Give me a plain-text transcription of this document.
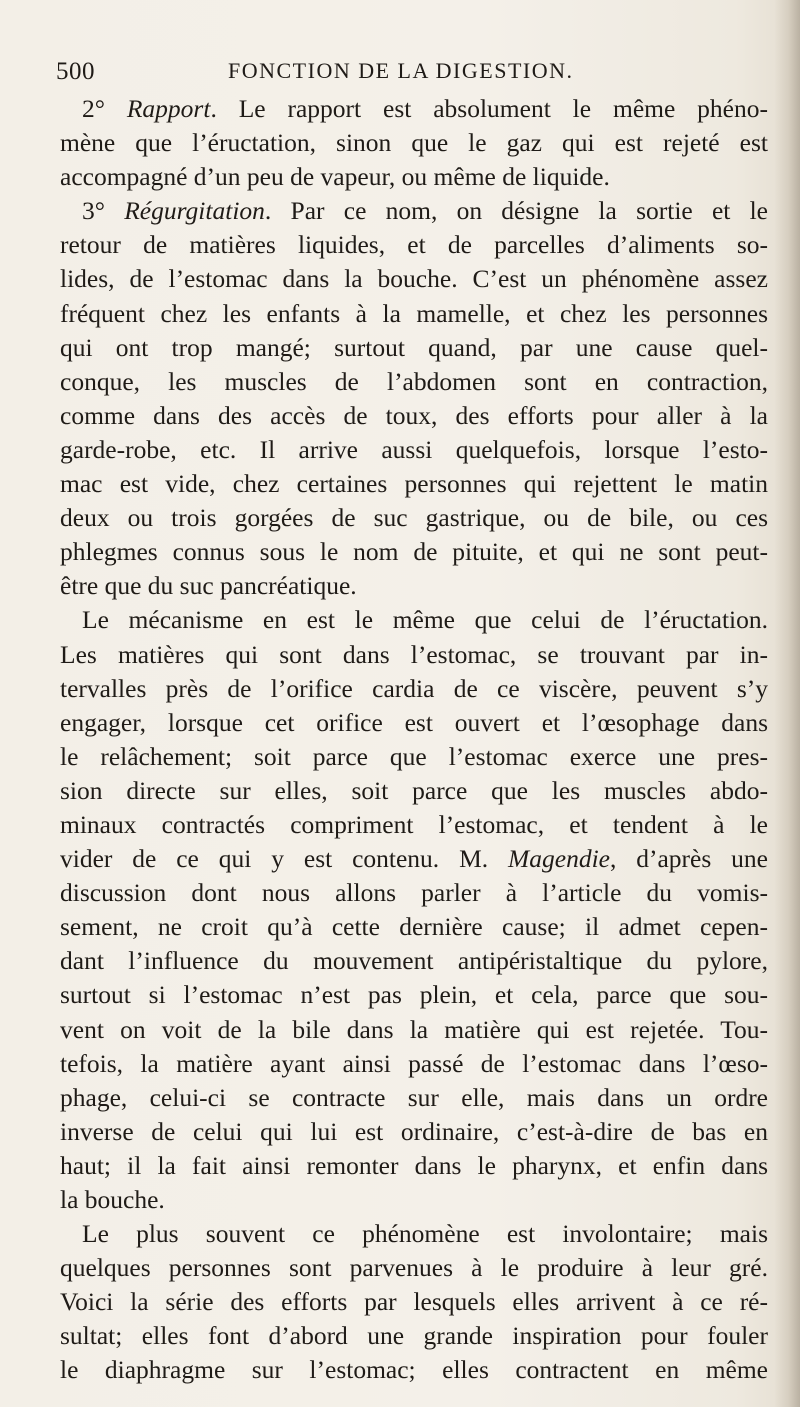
500	FONCTION DE LA DIGESTION.
2° Rapport. Le rapport est absolument le même phéno-
mène que l’éructation, sinon que le gaz qui est rejeté est
accompagné d’un peu de vapeur, ou même de liquide.
3° Régurgitation. Par ce nom, on désigne la sortie et le
retour de matières liquides, et de parcelles d’aliments so-
lides, de l’estomac dans la bouche. C’est un phénomène assez
fréquent chez les enfants à la mamelle, et chez les personnes
qui ont trop mangé; surtout quand, par une cause quel-
conque, les muscles de l’abdomen sont en contraction,
comme dans des accès de toux, des efforts pour aller à la
garde-robe, etc. Il arrive aussi quelquefois, lorsque l’esto-
mac est vide, chez certaines personnes qui rejettent le matin
deux ou trois gorgées de suc gastrique, ou de bile, ou ces
phlegmes connus sous le nom de pituite, et qui ne sont peut-
être que du suc pancréatique.
Le mécanisme en est le même que celui de l’éructation.
Les matières qui sont dans l’estomac, se trouvant par in-
tervalles près de l’orifice cardia de ce viscère, peuvent s’y
engager, lorsque cet orifice est ouvert et l’œsophage dans
le relâchement; soit parce que l’estomac exerce une pres-
sion directe sur elles, soit parce que les muscles abdo-
minaux contractés compriment l’estomac, et tendent à le
vider de ce qui y est contenu. M. Magendie, d’après une
discussion dont nous allons parler à l’article du vomis-
sement, ne croit qu’à cette dernière cause; il admet cepen-
dant l’influence du mouvement antipéristaltique du pylore,
surtout si l’estomac n’est pas plein, et cela, parce que sou-
vent on voit de la bile dans la matière qui est rejetée. Tou-
tefois, la matière ayant ainsi passé de l’estomac dans l’œso-
phage, celui-ci se contracte sur elle, mais dans un ordre
inverse de celui qui lui est ordinaire, c’est-à-dire de bas en
haut; il la fait ainsi remonter dans le pharynx, et enfin dans
la bouche.
Le plus souvent ce phénomène est involontaire; mais
quelques personnes sont parvenues à le produire à leur gré.
Voici la série des efforts par lesquels elles arrivent à ce ré-
sultat; elles font d’abord une grande inspiration pour fouler
le diaphragme sur l’estomac; elles contractent en même
